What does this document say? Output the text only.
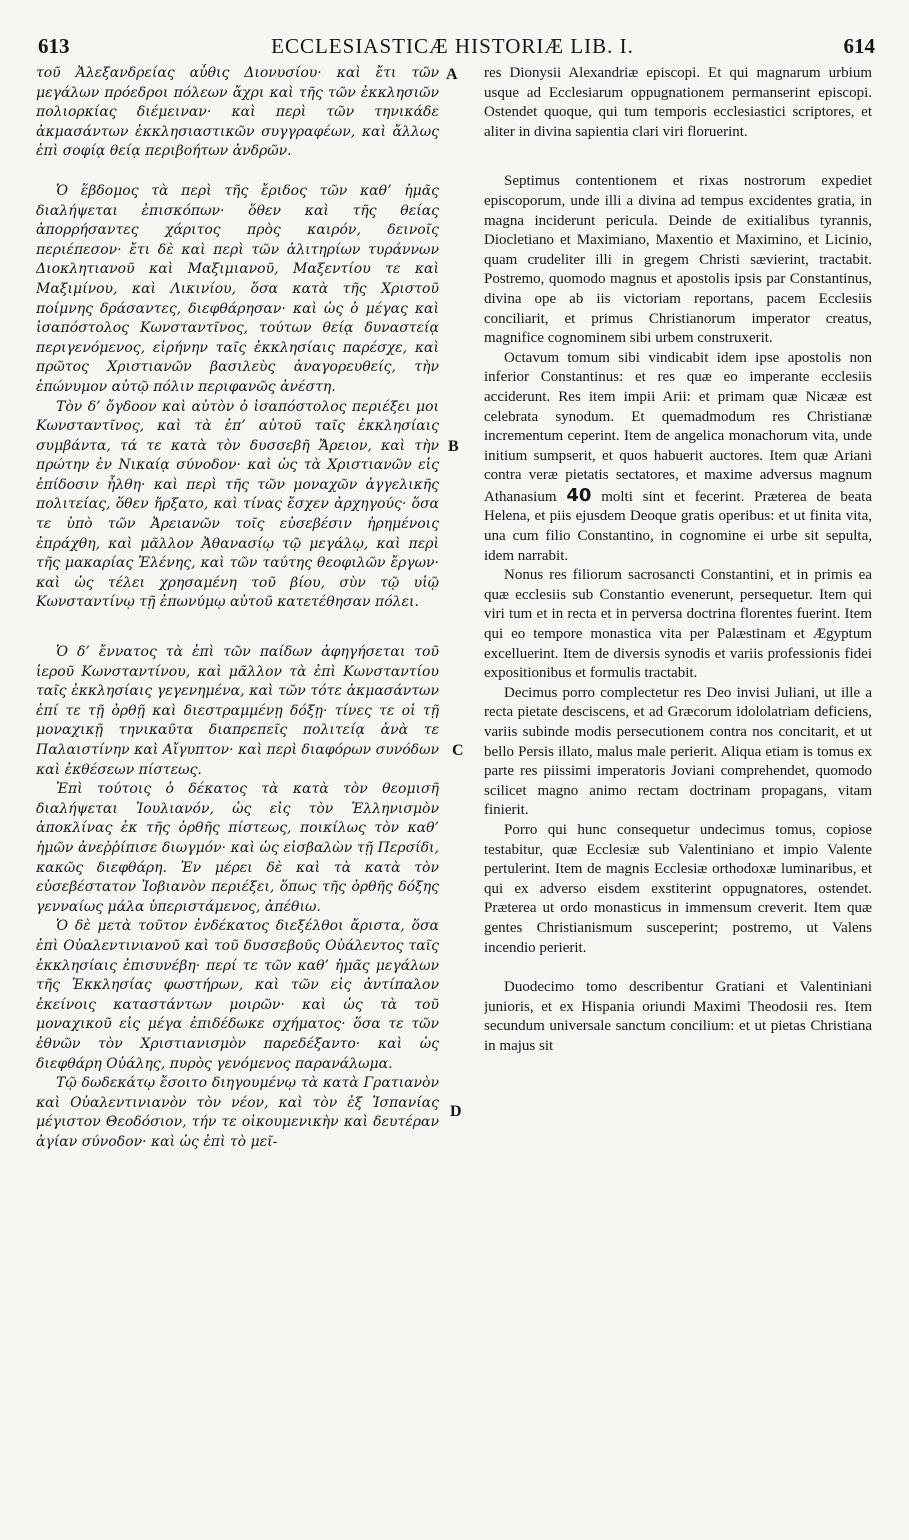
613	ECCLESIASTICÆ HISTORIÆ LIB. I.	614
A
B
C
D

τοῦ Ἀλεξανδρείας αὖθις Διονυσίου· καὶ ἔτι τῶν μεγάλων πρόεδροι πόλεων ἄχρι καὶ τῆς τῶν ἐκκλησιῶν πολιορκίας διέμειναν· καὶ περὶ τῶν τηνικάδε ἀκμασάντων ἐκκλησιαστικῶν συγγραφέων, καὶ ἄλλως ἐπὶ σοφίᾳ θείᾳ περιβοήτων ἀνδρῶν.

Ὁ ἕβδομος τὰ περὶ τῆς ἔριδος τῶν καθ’ ἡμᾶς διαλήψεται ἐπισκόπων· ὅθεν καὶ τῆς θείας ἀπορρήσαντες χάριτος πρὸς καιρόν, δεινοῖς περιέπεσον· ἔτι δὲ καὶ περὶ τῶν ἀλιτηρίων τυράννων Διοκλητιανοῦ καὶ Μαξιμιανοῦ, Μαξεντίου τε καὶ Μαξιμίνου, καὶ Λικινίου, ὅσα κατὰ τῆς Χριστοῦ ποίμνης δράσαντες, διεφθάρησαν· καὶ ὡς ὁ μέγας καὶ ἰσαπόστολος Κωνσταντῖνος, τούτων θείᾳ δυναστείᾳ περιγενόμενος, εἰρήνην ταῖς ἐκκλησίαις παρέσχε, καὶ πρῶτος Χριστιανῶν βασιλεὺς ἀναγορευθείς, τὴν ἐπώνυμον αὐτῷ πόλιν περιφανῶς ἀνέστη.

Τὸν δ’ ὄγδοον καὶ αὐτὸν ὁ ἰσαπόστολος περιέξει μοι Κωνσταντῖνος, καὶ τὰ ἐπ’ αὐτοῦ ταῖς ἐκκλησίαις συμβάντα, τά τε κατὰ τὸν δυσσεβῆ Ἄρειον, καὶ τὴν πρώτην ἐν Νικαίᾳ σύνοδον· καὶ ὡς τὰ Χριστιανῶν εἰς ἐπίδοσιν ἦλθη· καὶ περὶ τῆς τῶν μοναχῶν ἀγγελικῆς πολιτείας, ὅθεν ἤρξατο, καὶ τίνας ἔσχεν ἀρχηγούς· ὅσα τε ὑπὸ τῶν Ἀρειανῶν τοῖς εὐσεβέσιν ἠρημένοις ἐπράχθη, καὶ μᾶλλον Ἀθανασίῳ τῷ μεγάλῳ, καὶ περὶ τῆς μακαρίας Ἑλένης, καὶ τῶν ταύτης θεοφιλῶν ἔργων· καὶ ὡς τέλει χρησαμένη τοῦ βίου, σὺν τῷ υἱῷ Κωνσταντίνῳ τῇ ἐπωνύμῳ αὐτοῦ κατετέθησαν πόλει.

Ὁ δ’ ἔννατος τὰ ἐπὶ τῶν παίδων ἀφηγήσεται τοῦ ἱεροῦ Κωνσταντίνου, καὶ μᾶλλον τὰ ἐπὶ Κωνσταντίου ταῖς ἐκκλησίαις γεγενημένα, καὶ τῶν τότε ἀκμασάντων ἐπί τε τῇ ὀρθῇ καὶ διεστραμμένῃ δόξῃ· τίνες τε οἱ τῇ μοναχικῇ τηνικαῦτα διαπρεπεῖς πολιτείᾳ ἀνὰ τε Παλαιστίνην καὶ Αἴγυπτον· καὶ περὶ διαφόρων συνόδων καὶ ἐκθέσεων πίστεως.

Ἐπὶ τούτοις ὁ δέκατος τὰ κατὰ τὸν θεομισῆ διαλήψεται Ἰουλιανόν, ὡς εἰς τὸν Ἑλληνισμὸν ἀποκλίνας ἐκ τῆς ὀρθῆς πίστεως, ποικίλως τὸν καθ’ ἡμῶν ἀνεῤῥίπισε διωγμόν· καὶ ὡς εἰσβαλὼν τῇ Περσίδι, κακῶς διεφθάρη. Ἐν μέρει δὲ καὶ τὰ κατὰ τὸν εὐσεβέστατον Ἰοβιανὸν περιέξει, ὅπως τῆς ὀρθῆς δόξης γενναίως μάλα ὑπεριστάμενος, ἀπέθιω.

Ὁ δὲ μετὰ τοῦτον ἑνδέκατος διεξέλθοι ἄριστα, ὅσα ἐπὶ Οὐαλεντινιανοῦ καὶ τοῦ δυσσεβοῦς Οὐάλεντος ταῖς ἐκκλησίαις ἐπισυνέβη· περί τε τῶν καθ’ ἡμᾶς μεγάλων τῆς Ἐκκλησίας φωστήρων, καὶ τῶν εἰς ἀντίπαλον ἐκείνοις καταστάντων μοιρῶν· καὶ ὡς τὰ τοῦ μοναχικοῦ εἰς μέγα ἐπιδέδωκε σχήματος· ὅσα τε τῶν ἐθνῶν τὸν Χριστιανισμὸν παρεδέξαντο· καὶ ὡς διεφθάρη Οὐάλης, πυρὸς γενόμενος παρανάλωμα.

Τῷ δωδεκάτῳ ἔσοιτο διηγουμένῳ τὰ κατὰ Γρατιανὸν καὶ Οὐαλεντινιανὸν τὸν νέον, καὶ τὸν ἐξ Ἱσπανίας μέγιστον Θεοδόσιον, τήν τε οἰκουμενικὴν καὶ δευτέραν ἁγίαν σύνοδον· καὶ ὡς ἐπὶ τὸ μεῖ-

res Dionysii Alexandriæ episcopi. Et qui magnarum urbium usque ad Ecclesiarum oppugnationem permanserint episcopi. Ostendet quoque, qui tum temporis ecclesiastici scriptores, et aliter in divina sapientia clari viri floruerint.

Septimus contentionem et rixas nostrorum expediet episcoporum, unde illi a divina ad tempus excidentes gratia, in magna inciderunt pericula. Deinde de exitialibus tyrannis, Diocletiano et Maximiano, Maxentio et Maximino, et Licinio, quam crudeliter illi in gregem Christi sævierint, tractabit. Postremo, quomodo magnus et apostolis ipsis par Constantinus, divina ope ab iis victoriam reportans, pacem Ecclesiis conciliarit, et primus Christianorum imperator creatus, magnifice cognominem sibi urbem construxerit.

Octavum tomum sibi vindicabit idem ipse apostolis non inferior Constantinus: et res quæ eo imperante ecclesiis acciderunt. Res item impii Arii: et primam quæ Nicææ est celebrata synodum. Et quemadmodum res Christianæ incrementum ceperint. Item de angelica monachorum vita, unde initium sumpserit, et quos habuerit auctores. Item quæ Ariani contra veræ pietatis sectatores, et maxime adversus magnum Athanasium 40 molti sint et fecerint. Præterea de beata Helena, et piis ejusdem Deoque gratis operibus: et ut finita vita, una cum filio Constantino, in cognomine ei urbe sit sepulta, idem narrabit.

Nonus res filiorum sacrosancti Constantini, et in primis ea quæ ecclesiis sub Constantio evenerunt, persequetur. Item qui viri tum et in recta et in perversa doctrina florentes fuerint. Item qui eo tempore monastica vita per Palæstinam et Ægyptum excelluerint. Item de diversis synodis et variis professionis fidei expositionibus et formulis tractabit.

Decimus porro complectetur res Deo invisi Juliani, ut ille a recta pietate desciscens, et ad Græcorum idololatriam deficiens, variis subinde modis persecutionem contra nos concitarit, et ut bello Persis illato, malus male perierit. Aliqua etiam is tomus ex parte res piissimi imperatoris Joviani comprehendet, quomodo scilicet magno animo rectam doctrinam propagans, vitam finierit.

Porro qui hunc consequetur undecimus tomus, copiose testabitur, quæ Ecclesiæ sub Valentiniano et impio Valente pertulerint. Item de magnis Ecclesiæ orthodoxæ luminaribus, et qui ex adverso eisdem exstiterint oppugnatores, ostendet. Præterea ut ordo monasticus in immensum creverit. Item quæ gentes Christianismum susceperint; postremo, ut Valens incendio perierit.

Duodecimo tomo describentur Gratiani et Valentiniani junioris, et ex Hispania oriundi Maximi Theodosii res. Item secundum universale sanctum concilium: et ut pietas Christiana in majus sit
